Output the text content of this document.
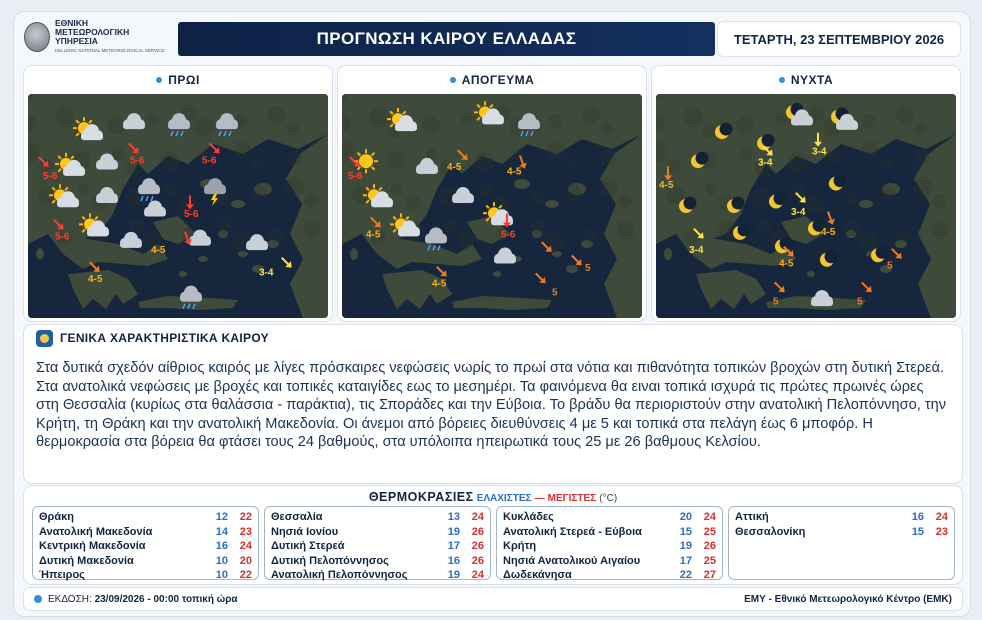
ΕΘΝΙΚΗ
ΜΕΤΕΩΡΟΛΟΓΙΚΗ
ΥΠΗΡΕΣΙΑ
HELLENIC NATIONAL METEOROLOGICAL SERVICE
ΠΡΟΓΝΩΣΗ ΚΑΙΡΟΥ ΕΛΛΑΔΑΣ	ΤΕΤΑΡΤΗ, 23 ΣΕΠΤΕΜΒΡΙΟΥ 2026
ΠΡΩΙ
5-6
5-6	5-6
5-6
5-6
4-5
4-5
3-4
ΑΠΟΓΕΥΜΑ
5-6
4-5	4-5
4-5	5-6
4-5
5
5
ΝΥΧΤΑ
3-4
3-4
4-5
3-4
4-5
3-4
4-5	5
5	5
ΓΕΝΙΚΑ ΧΑΡΑΚΤΗΡΙΣΤΙΚΑ ΚΑΙΡΟΥ
Στα δυτικά σχεδόν αίθριος καιρός με λίγες πρόσκαιρες νεφώσεις νωρίς το πρωί στα νότια και πιθανότητα τοπικών βροχών στη δυτική Στερεά. Στα ανατολικά νεφώσεις με βροχές και τοπικές καταιγίδες εως το μεσημέρι. Τα φαινόμενα θα ειναι τοπικά ισχυρά τις πρώτες πρωινές ώρες στη Θεσσαλία (κυρίως στα θαλάσσια - παράκτια), τις Σποράδες και την Εύβοια. Το βράδυ θα περιοριστούν στην ανατολική Πελοπόννησο, την Κρήτη, τη Θράκη και την ανατολική Μακεδονία. Οι άνεμοι από βόρειες διευθύνσεις 4 με 5 και τοπικά στα πελάγη έως 6 μποφόρ. Η θερμοκρασία στα βόρεια θα φτάσει τους 24 βαθμούς, στα υπόλοιπα ηπειρωτικά τους 25 με 26 βαθμους Κελσίου.
ΘΕΡΜΟΚΡΑΣΙΕΣ ΕΛΑΧΙΣΤΕΣ — ΜΕΓΙΣΤΕΣ (°C)
Θράκη	12	22
Ανατολική Μακεδονία	14	23
Κεντρική Μακεδονία	16	24
Δυτική Μακεδονία	10	20
Ήπειρος	10	22
Θεσσαλία	13	24
Νησιά Ιονίου	19	26
Δυτική Στερεά	17	26
Δυτική Πελοπόννησος	16	26
Ανατολική Πελοπόννησος	19	24
Κυκλάδες	20	24
Ανατολική Στερεά - Εύβοια	15	25
Κρήτη	19	26
Νησιά Ανατολικού Αιγαίου	17	25
Δωδεκάνησα	22	27
Αττική	16	24
Θεσσαλονίκη	15	23
ΕΚΔΟΣΗ:
23/09/2026 - 00:00 τοπική ώρα	ΕΜΥ - Εθνικό Μετεωρολογικό Κέντρο (ΕΜΚ)
